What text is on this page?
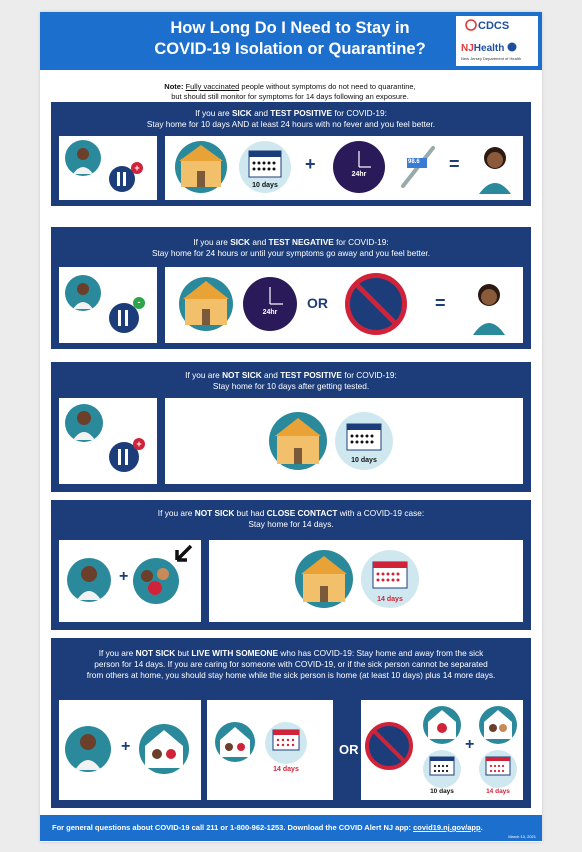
How Long Do I Need to Stay in
COVID-19 Isolation or Quarantine?
CDCS
NJHealth
New Jersey Department of Health
Note: Fully vaccinated people without symptoms do not need to quarantine,
but should still monitor for symptoms for 14 days following an exposure.
If you are SICK and TEST POSITIVE for COVID-19:
Stay home for 10 days AND at least 24 hours with no fever and you feel better.
+
10 days
+
24hr
98.6 =
If you are SICK and TEST NEGATIVE for COVID-19:
Stay home for 24 hours or until your symptoms go away and you feel better.
-
24hr
OR	=
If you are NOT SICK and TEST POSITIVE for COVID-19:
Stay home for 10 days after getting tested.
+
10 days
If you are NOT SICK but had CLOSE CONTACT with a COVID-19 case:
Stay home for 14 days.
+
14 days
If you are NOT SICK but LIVE WITH SOMEONE who has COVID-19: Stay home and away from the sick
person for 14 days. If you are caring for someone with COVID-19, or if the sick person cannot be separated
from others at home, you should stay home while the sick person is home (at least 10 days) plus 14 more days.
+
14 days
OR	+
10 days	14 days
For general questions about COVID-19 call 211 or 1-800-962-1253. Download the COVID Alert NJ app: covid19.nj.gov/app.
March 13, 2021
